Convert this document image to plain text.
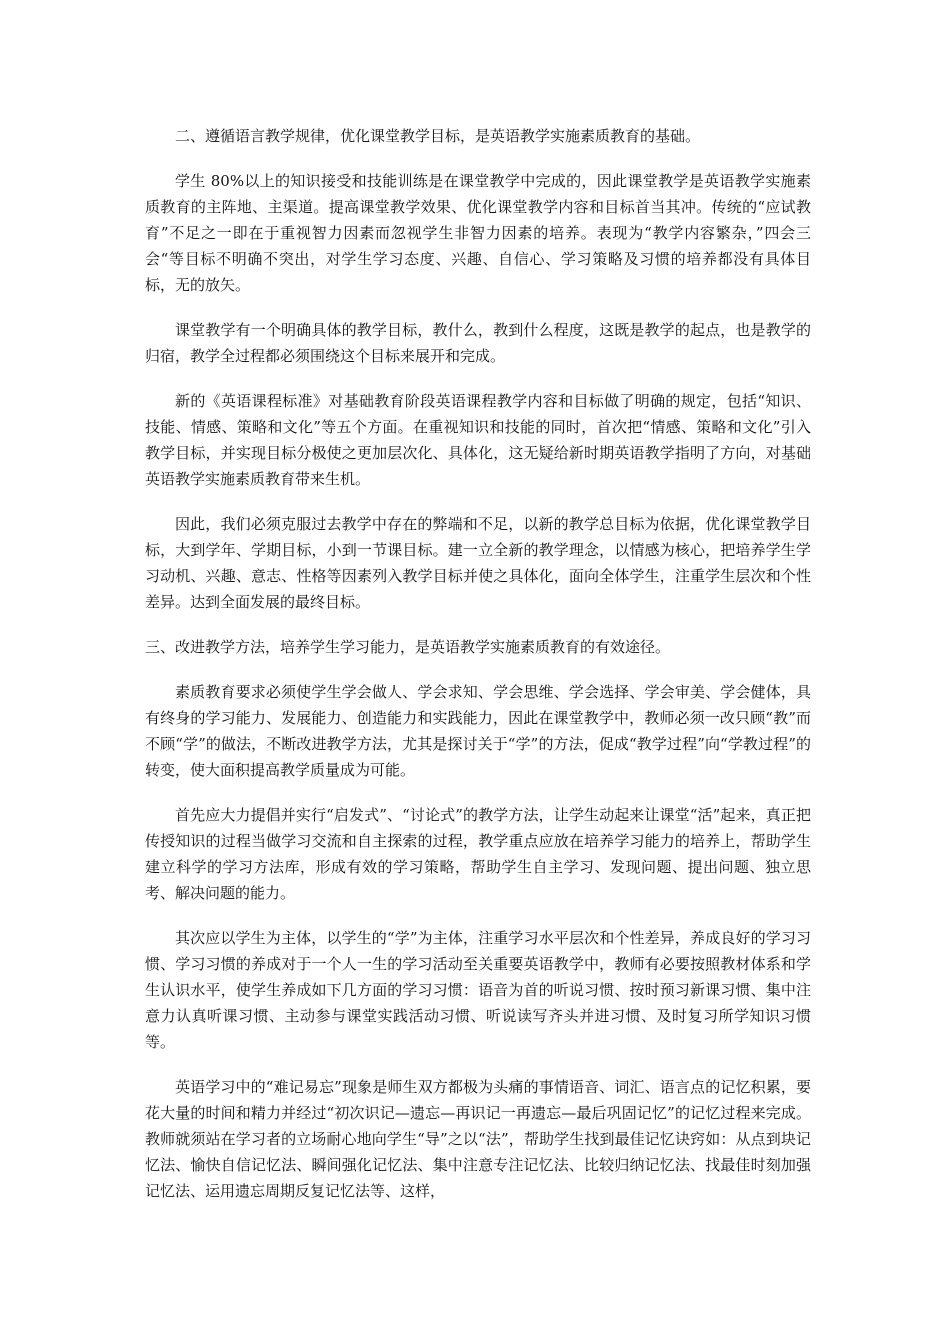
二、遵循语言教学规律，优化课堂教学目标，是英语教学实施素质教育的基础。

学生 80%以上的知识接受和技能训练是在课堂教学中完成的，因此课堂教学是英语教学实施素质教育的主阵地、主渠道。提高课堂教学效果、优化课堂教学内容和目标首当其冲。传统的“应试教育”不足之一即在于重视智力因素而忽视学生非智力因素的培养。表现为“教学内容繁杂，”四会三会“等目标不明确不突出，对学生学习态度、兴趣、自信心、学习策略及习惯的培养都没有具体目标，无的放矢。

课堂教学有一个明确具体的教学目标，教什么，教到什么程度，这既是教学的起点，也是教学的归宿，教学全过程都必须围绕这个目标来展开和完成。

新的《英语课程标准》对基础教育阶段英语课程教学内容和目标做了明确的规定，包括“知识、技能、情感、策略和文化”等五个方面。在重视知识和技能的同时，首次把“情感、策略和文化”引入教学目标，并实现目标分极使之更加层次化、具体化，这无疑给新时期英语教学指明了方向，对基础英语教学实施素质教育带来生机。

因此，我们必须克服过去教学中存在的弊端和不足，以新的教学总目标为依据，优化课堂教学目标，大到学年、学期目标，小到一节课目标。建一立全新的教学理念，以情感为核心，把培养学生学习动机、兴趣、意志、性格等因素列入教学目标并使之具体化，面向全体学生，注重学生层次和个性差异。达到全面发展的最终目标。

三、改进教学方法，培养学生学习能力，是英语教学实施素质教育的有效途径。

素质教育要求必须使学生学会做人、学会求知、学会思维、学会选择、学会审美、学会健体，具有终身的学习能力、发展能力、创造能力和实践能力，因此在课堂教学中，教师必须一改只顾“教”而不顾“学”的做法，不断改进教学方法，尤其是探讨关于“学”的方法，促成“教学过程”向“学教过程”的转变，使大面积提高教学质量成为可能。

首先应大力提倡并实行“启发式”、“讨论式”的教学方法，让学生动起来让课堂“活”起来，真正把传授知识的过程当做学习交流和自主探索的过程，教学重点应放在培养学习能力的培养上，帮助学生建立科学的学习方法库，形成有效的学习策略，帮助学生自主学习、发现问题、提出问题、独立思考、解决问题的能力。

其次应以学生为主体，以学生的“学”为主体，注重学习水平层次和个性差异，养成良好的学习习惯、学习习惯的养成对于一个人一生的学习活动至关重要英语教学中，教师有必要按照教材体系和学生认识水平，使学生养成如下几方面的学习习惯：语音为首的听说习惯、按时预习新课习惯、集中注意力认真听课习惯、主动参与课堂实践活动习惯、听说读写齐头并进习惯、及时复习所学知识习惯等。

英语学习中的“难记易忘”现象是师生双方都极为头痛的事情语音、词汇、语言点的记忆积累，要花大量的时间和精力并经过“初次识记—遗忘—再识记一再遗忘—最后巩固记忆”的记忆过程来完成。教师就须站在学习者的立场耐心地向学生“导”之以“法”，帮助学生找到最佳记忆诀窍如：从点到块记忆法、愉快自信记忆法、瞬间强化记忆法、集中注意专注记忆法、比较归纳记忆法、找最佳时刻加强记忆法、运用遗忘周期反复记忆法等、这样，
